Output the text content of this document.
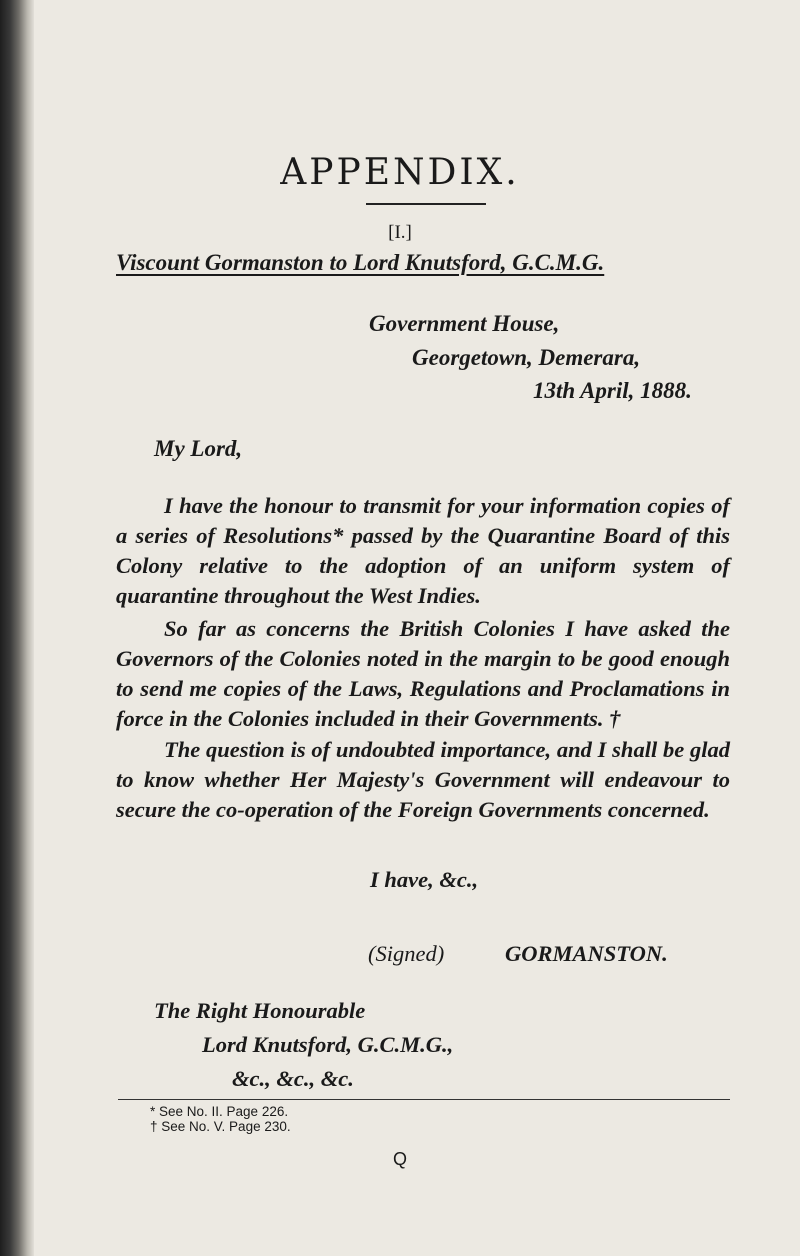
APPENDIX.
[I.]
Viscount Gormanston to Lord Knutsford, G.C.M.G.
Government House,
Georgetown, Demerara,
13th April, 1888.
My Lord,
I have the honour to transmit for your information copies of a series of Resolutions* passed by the Quarantine Board of this Colony relative to the adoption of an uniform system of quarantine throughout the West Indies.
So far as concerns the British Colonies I have asked the Governors of the Colonies noted in the margin to be good enough to send me copies of the Laws, Regulations and Proclamations in force in the Colonies included in their Governments. †
The question is of undoubted importance, and I shall be glad to know whether Her Majesty's Government will endeavour to secure the co-operation of the Foreign Governments concerned.
I have, &c.,
(Signed)	GORMANSTON.
The Right Honourable
Lord Knutsford, G.C.M.G.,
&c., &c., &c.
* See No. II. Page 226.
† See No. V. Page 230.
Q
